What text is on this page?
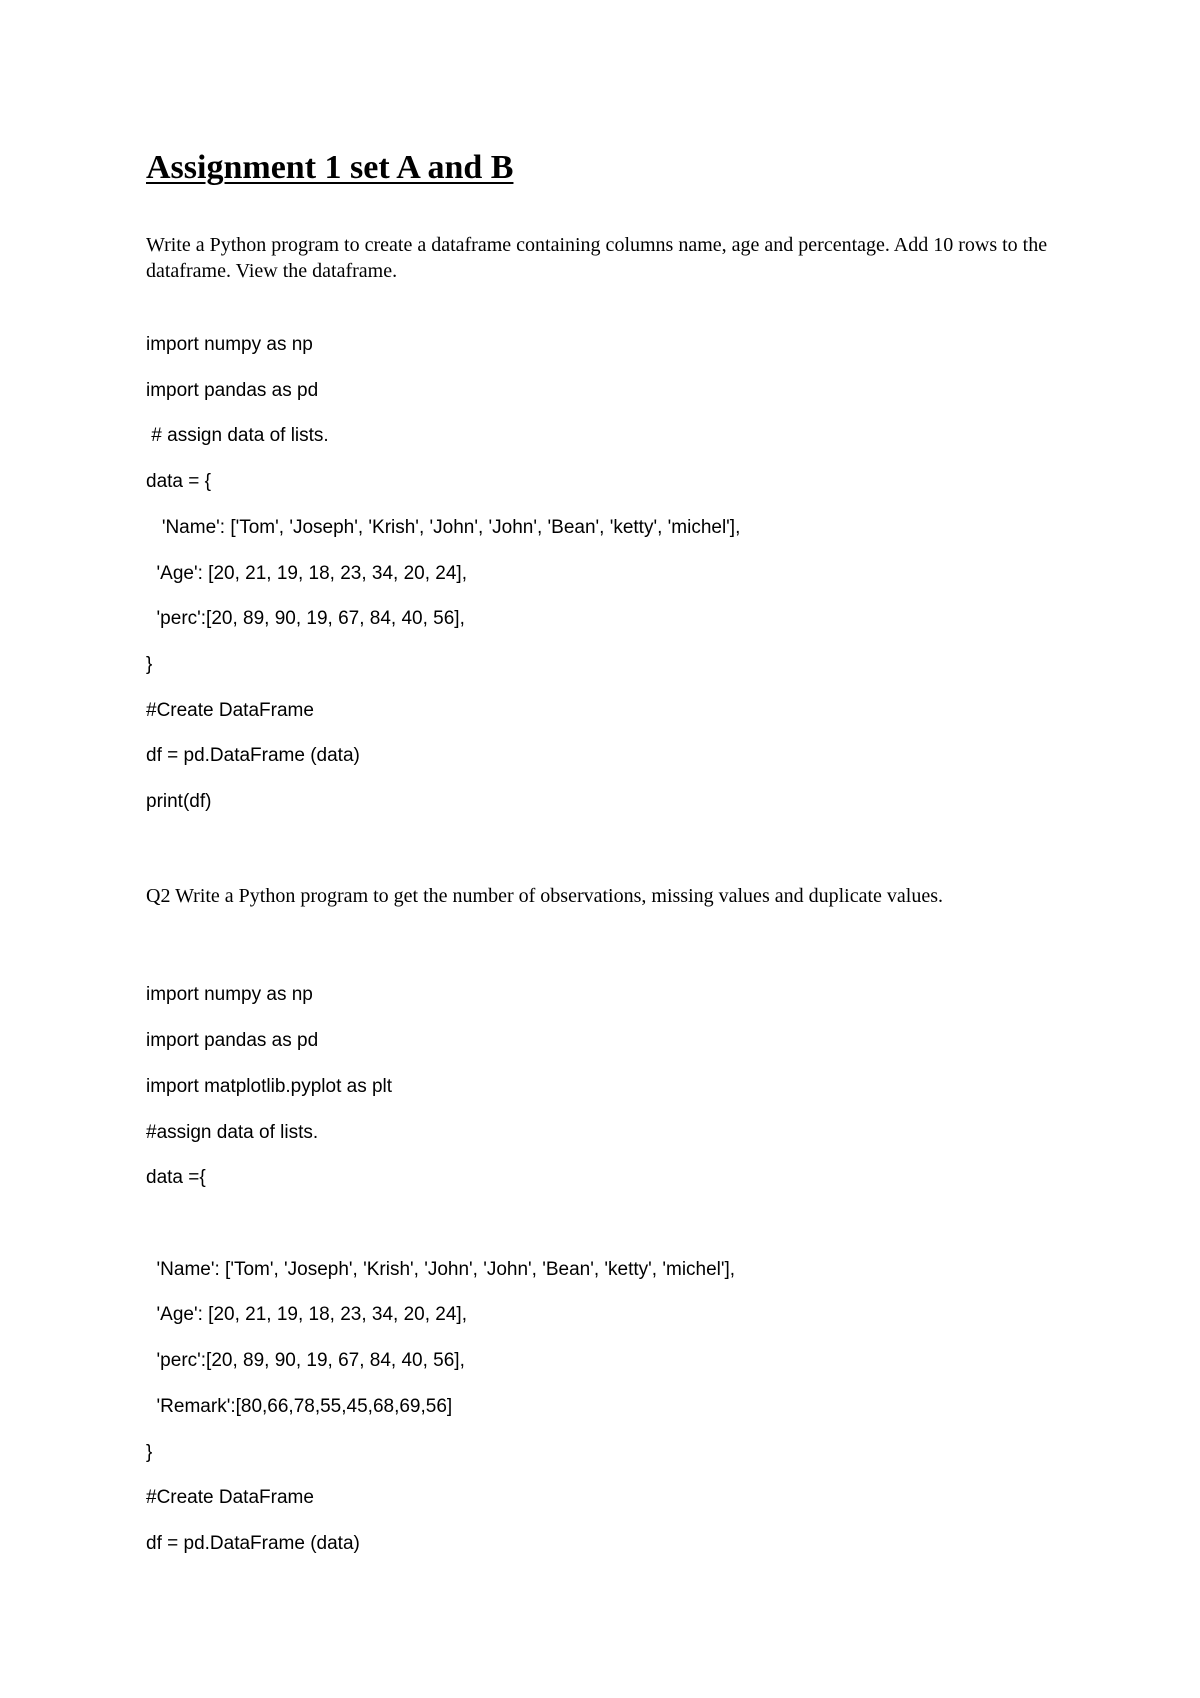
Assignment 1 set A and B

Write a Python program to create a dataframe containing columns name, age and percentage. Add 10 rows to the dataframe. View the dataframe.

import numpy as np
import pandas as pd
# assign data of lists.
data = {
'Name': ['Tom', 'Joseph', 'Krish', 'John', 'John', 'Bean', 'ketty', 'michel'],
'Age': [20, 21, 19, 18, 23, 34, 20, 24],
'perc':[20, 89, 90, 19, 67, 84, 40, 56],
}
#Create DataFrame
df = pd.DataFrame (data)
print(df)

Q2 Write a Python program to get the number of observations, missing values and duplicate values.

import numpy as np
import pandas as pd
import matplotlib.pyplot as plt
#assign data of lists.
data ={
'Name': ['Tom', 'Joseph', 'Krish', 'John', 'John', 'Bean', 'ketty', 'michel'],
'Age': [20, 21, 19, 18, 23, 34, 20, 24],
'perc':[20, 89, 90, 19, 67, 84, 40, 56],
'Remark':[80,66,78,55,45,68,69,56]
}
#Create DataFrame
df = pd.DataFrame (data)
